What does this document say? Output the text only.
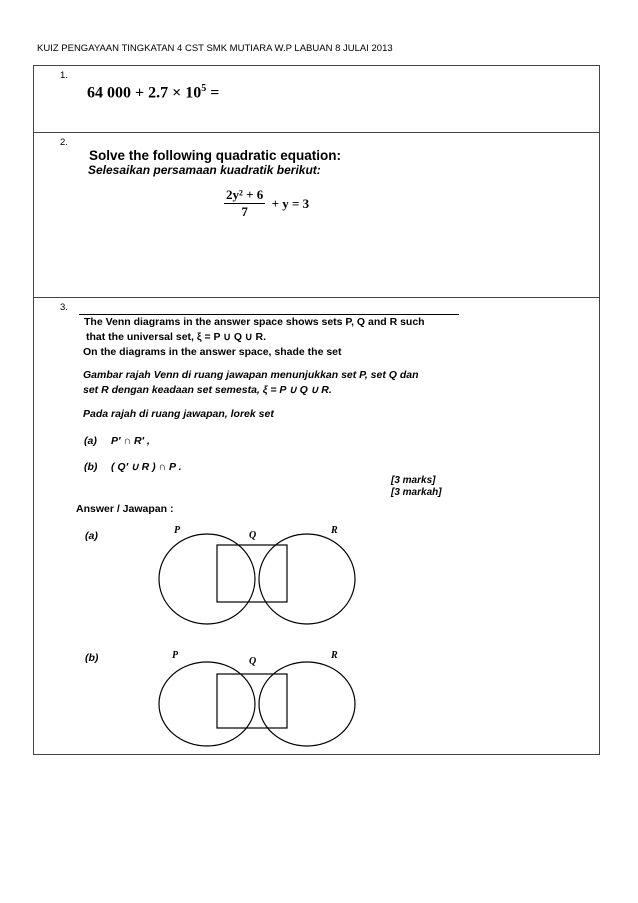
KUIZ PENGAYAAN TINGKATAN 4 CST SMK MUTIARA W.P LABUAN 8 JULAI 2013
1.
64 $000 + 2.7 \times 10^5$ =

2.
Solve the following quadratic equation:
Selesaikan persamaan kuadratik berikut:
$\frac{\text{2y² + 6}}{7} + y = 3$

3.
The Venn diagrams in the answer space shows sets P, Q and R such
that the universal set, ξ = P ∪ Q ∪ R.
On the diagrams in the answer space, shade the set
Gambar rajah Venn di ruang jawapan menunjukkan set P, set Q dan
set R dengan keadaan set semesta, ξ = P ∪ Q ∪ R.
Pada rajah di ruang jawapan, lorek set
(a) P′ ∩ R′ ,
(b) ( Q′ ∪ R ) ∩ P .
[3 marks]
[3 markah]
Answer / Jawapan :
(a)	P	Q	R
(b)	P
Q
R
